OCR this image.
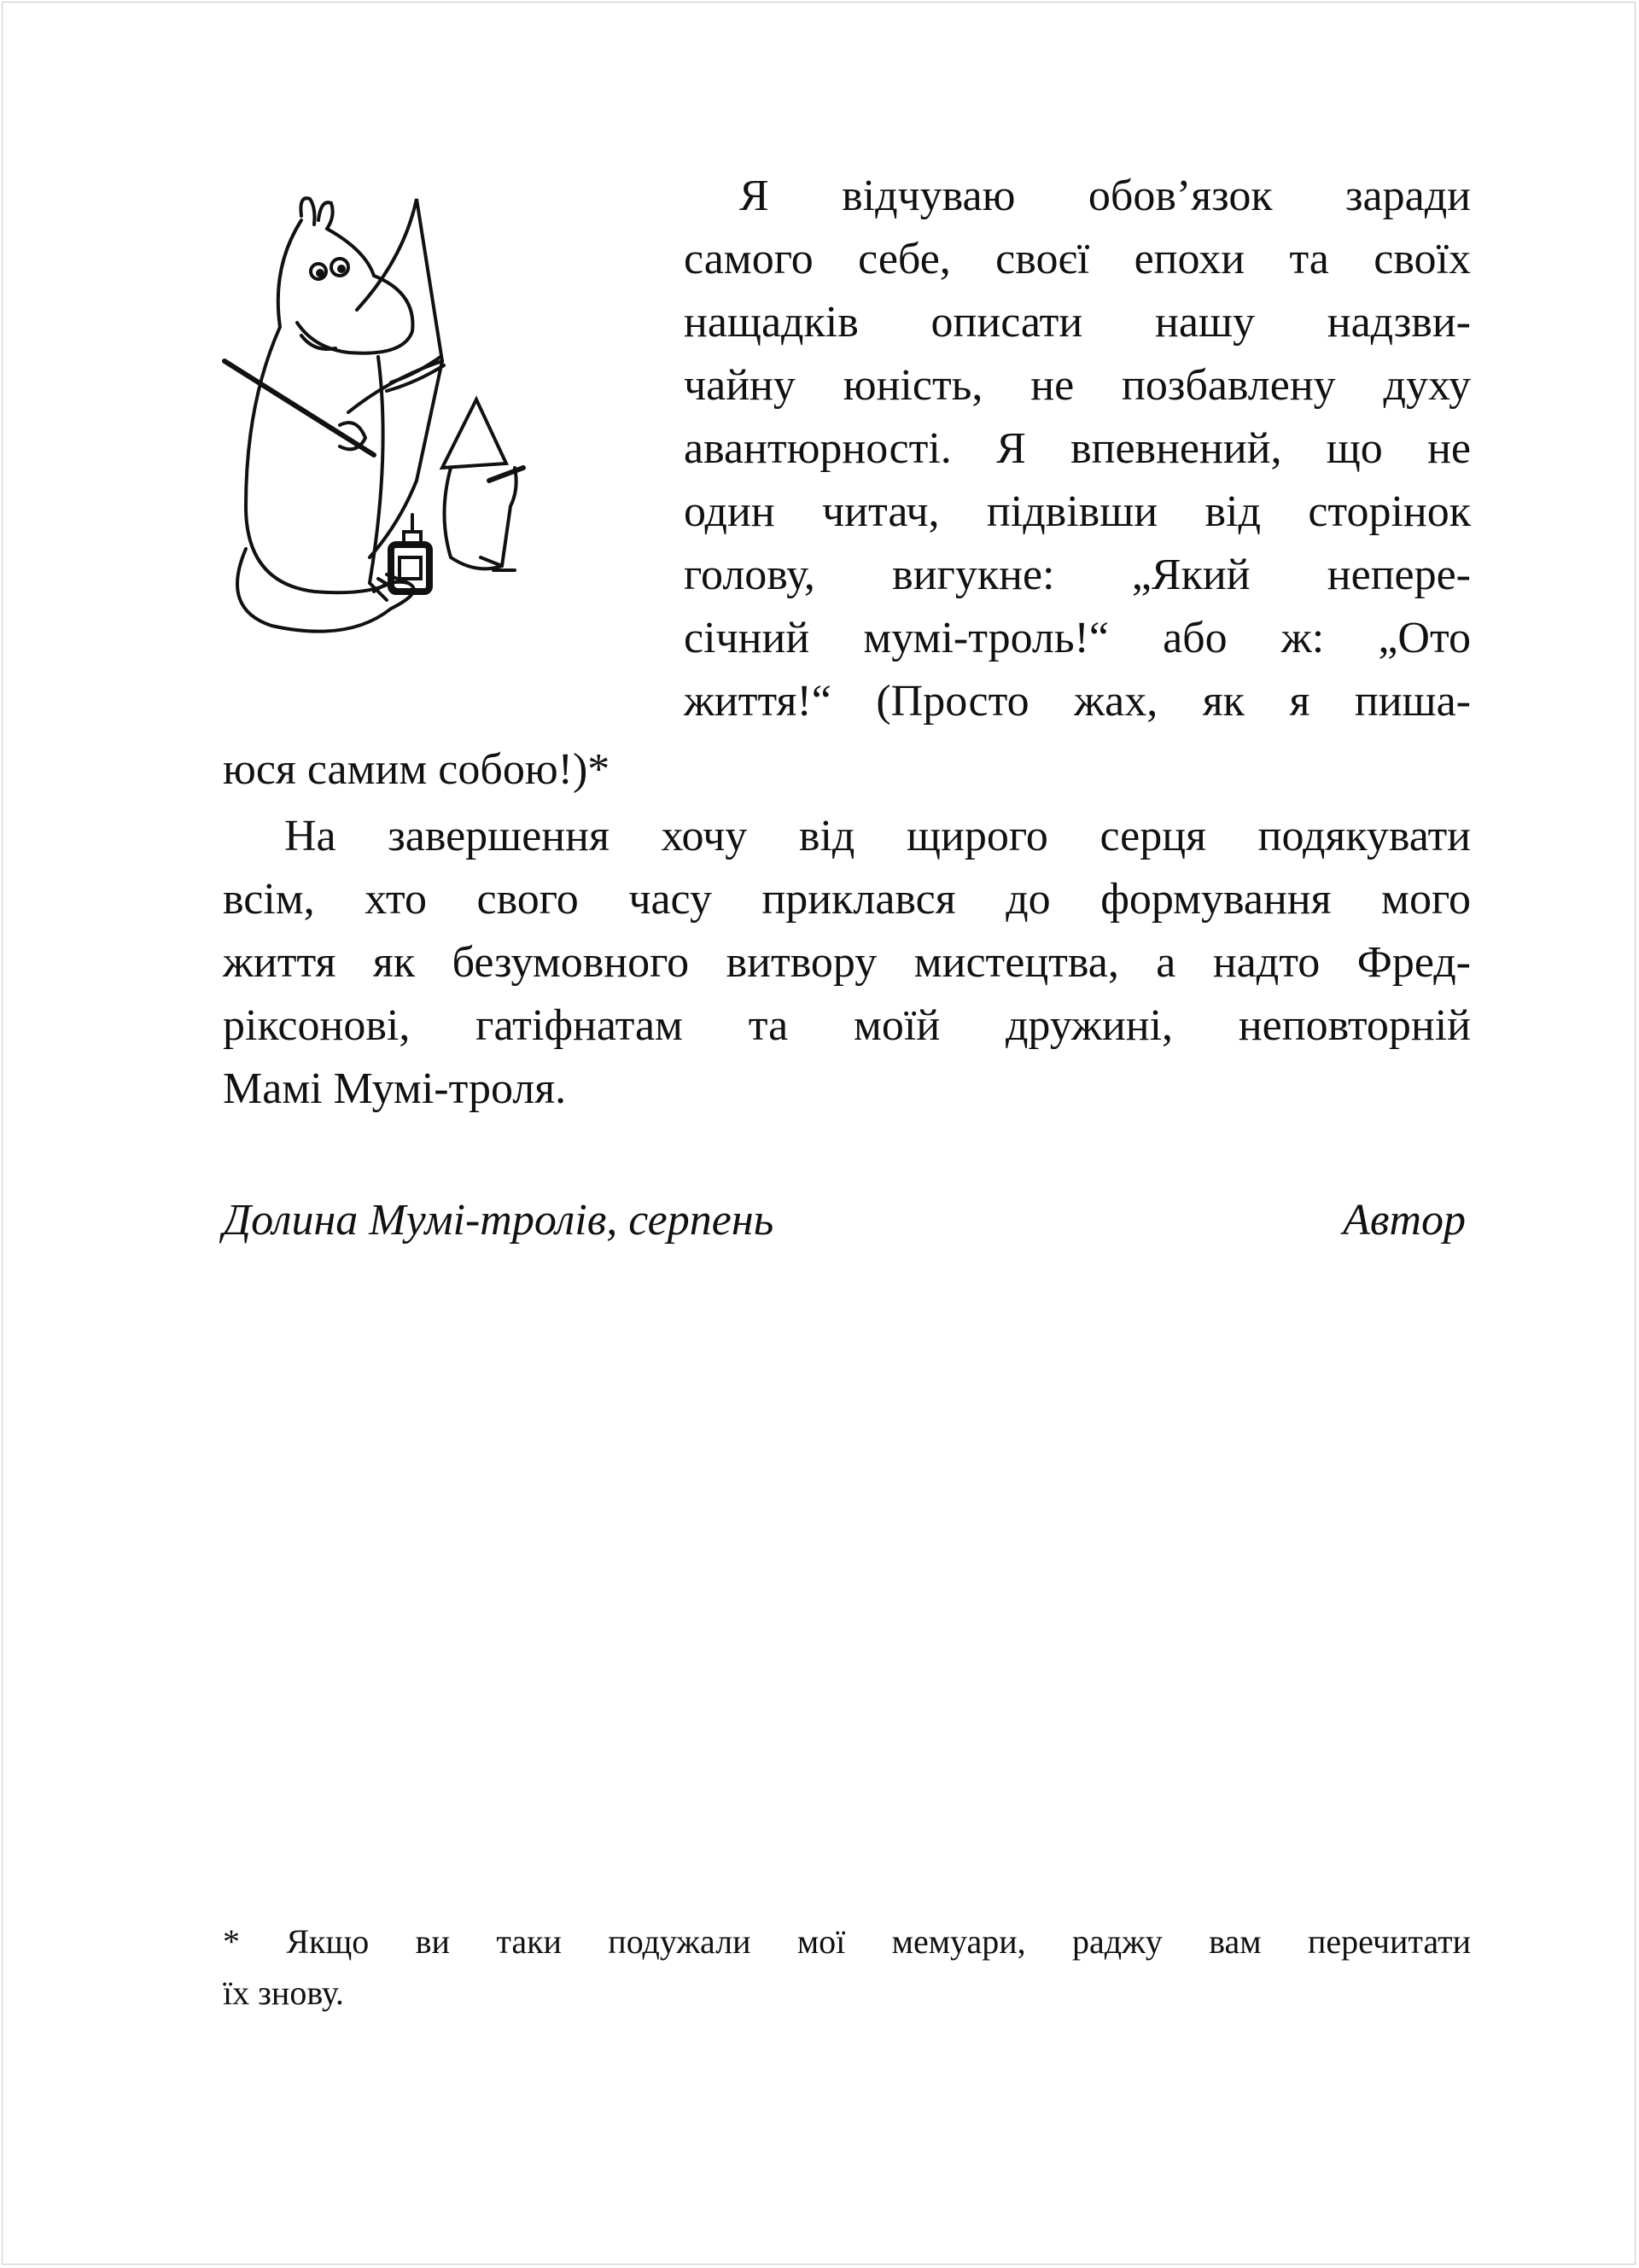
Я відчуваю обов’язок заради
самого себе, своєї епохи та своїх
нащадків описати нашу надзви-
чайну юність, не позбавлену духу
авантюрності. Я впевнений, що не
один читач, підвівши від сторінок
голову, вигукне: „Який непере-
січний мумі-троль!“ або ж: „Ото
життя!“ (Просто жах, як я пиша-
юся самим собою!)*
На завершення хочу від щирого серця подякувати
всім, хто свого часу приклався до формування мого
життя як безумовного витвору мистецтва, а надто Фред-
ріксонові, гатіфнатам та моїй дружині, неповторній
Мамі Мумі-троля.
Долина Мумі-тролів, серпень	Автор
* Якщо ви таки подужали мої мемуари, раджу вам перечитати
їх знову.
